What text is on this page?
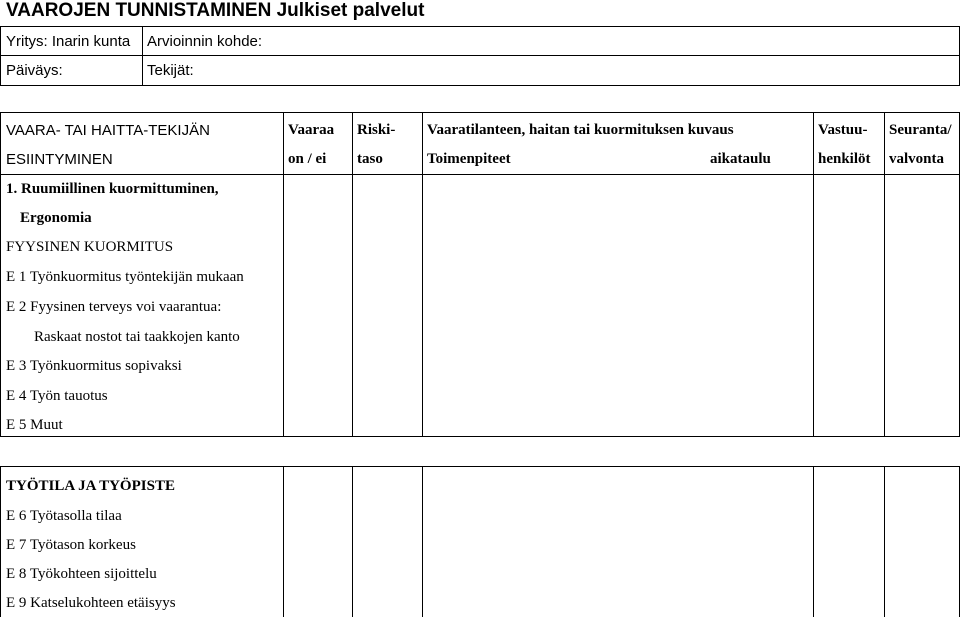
VAAROJEN TUNNISTAMINEN Julkiset palvelut
Yritys: Inarin kunta Arvioinnin kohde:
Päiväys:	Tekijät:
VAARA- TAI HAITTA-TEKIJÄN
ESIINTYMINEN
Vaaraa
on / ei
Riski-
taso
Vaaratilanteen, haitan tai kuormituksen kuvaus
Toimenpiteet	aikataulu
Vastuu-
henkilöt
Seuranta/
valvonta
1. Ruumiillinen kuormittuminen,
Ergonomia
FYYSINEN KUORMITUS
E 1 Työnkuormitus työntekijän mukaan
E 2 Fyysinen terveys voi vaarantua:
Raskaat nostot tai taakkojen kanto
E 3 Työnkuormitus sopivaksi
E 4 Työn tauotus
E 5 Muut
TYÖTILA JA TYÖPISTE
E 6 Työtasolla tilaa
E 7 Työtason korkeus
E 8 Työkohteen sijoittelu
E 9 Katselukohteen etäisyys
